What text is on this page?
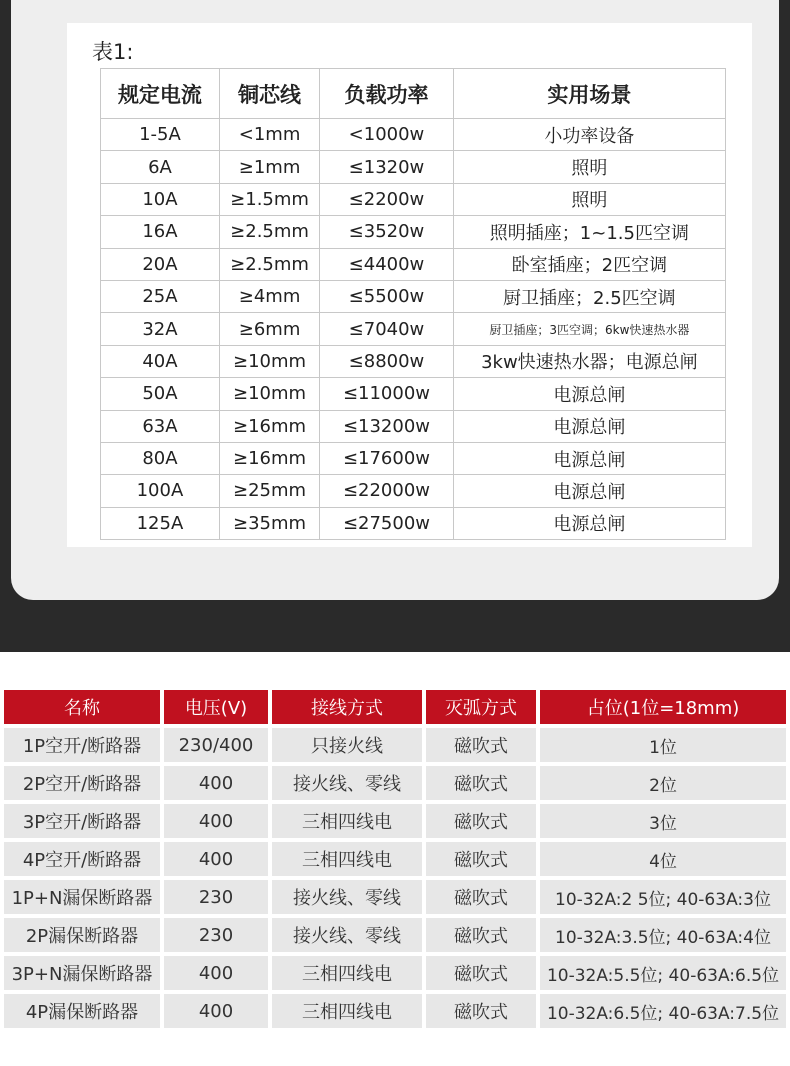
表1:
规定电流	铜芯线	负载功率	实用场景
1-5A	<1mm	<1000w	小功率设备
6A	≥1mm	≤1320w	照明
10A	≥1.5mm	≤2200w	照明
16A	≥2.5mm	≤3520w	照明插座；1~1.5匹空调
20A	≥2.5mm	≤4400w	卧室插座；2匹空调
25A	≥4mm	≤5500w	厨卫插座；2.5匹空调
32A	≥6mm	≤7040w	厨卫插座；3匹空调；6kw快速热水器
40A	≥10mm	≤8800w	3kw快速热水器；电源总闸
50A	≥10mm	≤11000w	电源总闸
63A	≥16mm	≤13200w	电源总闸
80A	≥16mm	≤17600w	电源总闸
100A	≥25mm	≤22000w	电源总闸
125A	≥35mm	≤27500w	电源总闸
名称	电压(V)	接线方式	灭弧方式	占位(1位=18mm)
1P空开/断路器	230/400	只接火线	磁吹式	1位
2P空开/断路器	400	接火线、零线	磁吹式	2位
3P空开/断路器	400	三相四线电	磁吹式	3位
4P空开/断路器	400	三相四线电	磁吹式	4位
1P+N漏保断路器	230	接火线、零线	磁吹式	10-32A:2 5位; 40-63A:3位
2P漏保断路器	230	接火线、零线	磁吹式	10-32A:3.5位; 40-63A:4位
3P+N漏保断路器	400	三相四线电	磁吹式	10-32A:5.5位; 40-63A:6.5位
4P漏保断路器	400	三相四线电	磁吹式	10-32A:6.5位; 40-63A:7.5位
